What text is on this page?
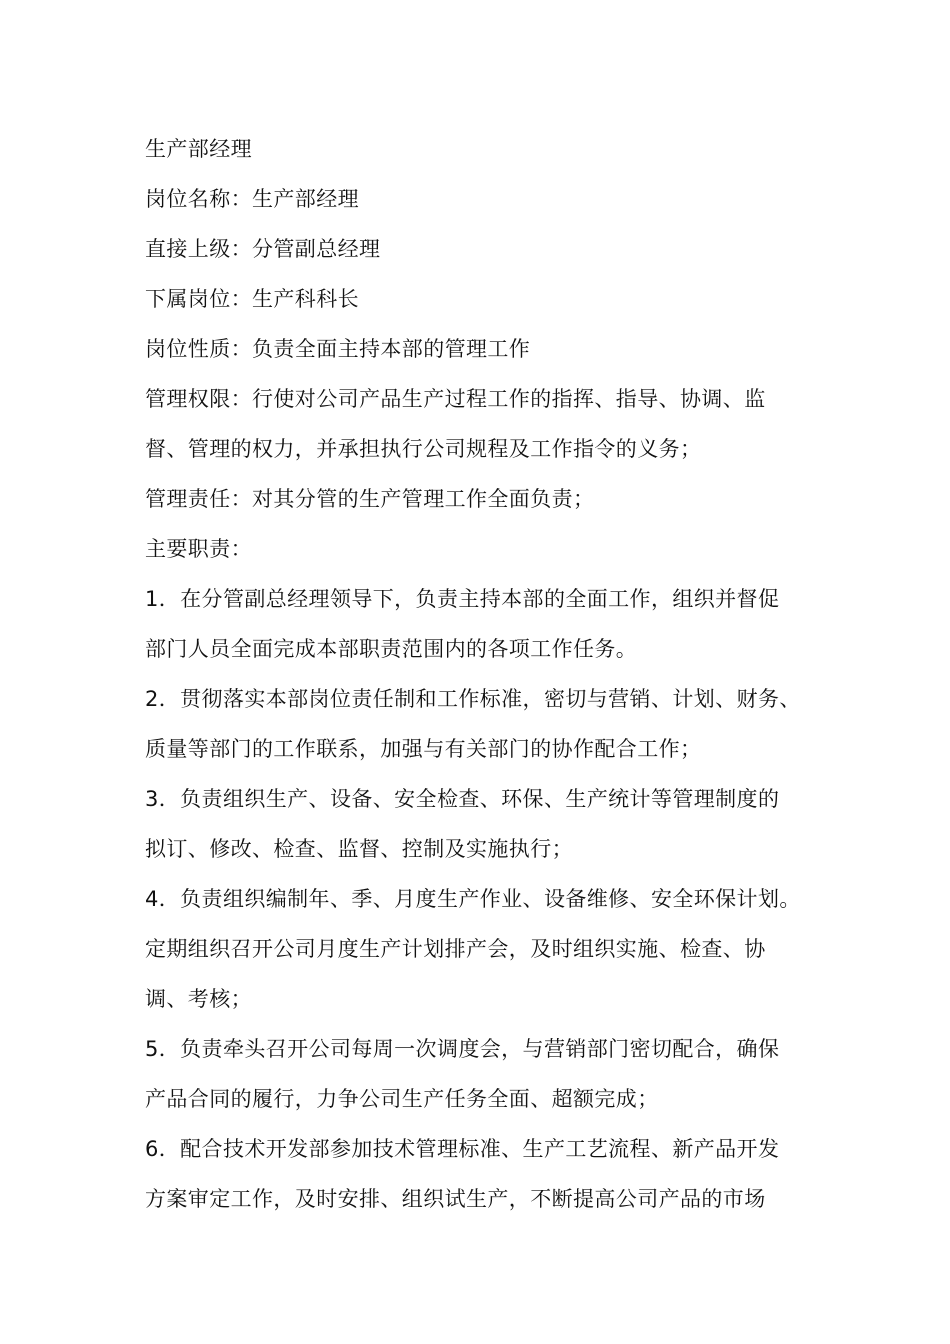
生产部经理
岗位名称：生产部经理
直接上级：分管副总经理
下属岗位：生产科科长
岗位性质：负责全面主持本部的管理工作
管理权限：行使对公司产品生产过程工作的指挥、指导、协调、监
督、管理的权力，并承担执行公司规程及工作指令的义务；
管理责任：对其分管的生产管理工作全面负责；
主要职责：
1．在分管副总经理领导下，负责主持本部的全面工作，组织并督促
部门人员全面完成本部职责范围内的各项工作任务。
2．贯彻落实本部岗位责任制和工作标准，密切与营销、计划、财务、
质量等部门的工作联系，加强与有关部门的协作配合工作；
3．负责组织生产、设备、安全检查、环保、生产统计等管理制度的
拟订、修改、检查、监督、控制及实施执行；
4．负责组织编制年、季、月度生产作业、设备维修、安全环保计划。
定期组织召开公司月度生产计划排产会，及时组织实施、检查、协
调、考核；
5．负责牵头召开公司每周一次调度会，与营销部门密切配合，确保
产品合同的履行，力争公司生产任务全面、超额完成；
6．配合技术开发部参加技术管理标准、生产工艺流程、新产品开发
方案审定工作，及时安排、组织试生产，不断提高公司产品的市场
